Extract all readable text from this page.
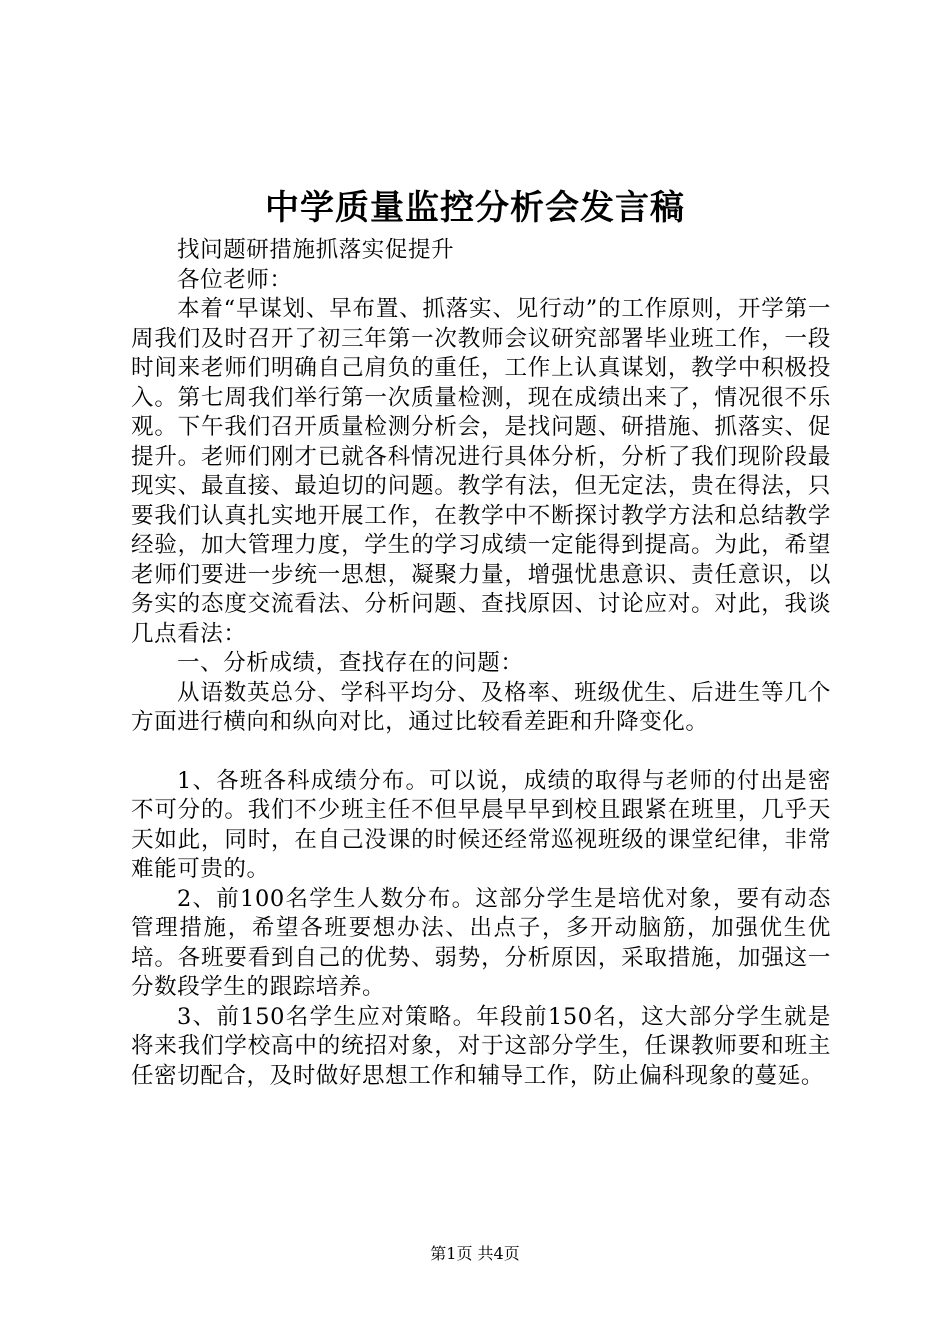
中学质量监控分析会发言稿

找问题研措施抓落实促提升

各位老师：

本着“早谋划、早布置、抓落实、见行动”的工作原则，开学第一周我们及时召开了初三年第一次教师会议研究部署毕业班工作，一段时间来老师们明确自己肩负的重任，工作上认真谋划，教学中积极投入。第七周我们举行第一次质量检测，现在成绩出来了，情况很不乐观。下午我们召开质量检测分析会，是找问题、研措施、抓落实、促提升。老师们刚才已就各科情况进行具体分析，分析了我们现阶段最现实、最直接、最迫切的问题。教学有法，但无定法，贵在得法，只要我们认真扎实地开展工作，在教学中不断探讨教学方法和总结教学经验，加大管理力度，学生的学习成绩一定能得到提高。为此，希望老师们要进一步统一思想，凝聚力量，增强忧患意识、责任意识，以务实的态度交流看法、分析问题、查找原因、讨论应对。对此，我谈几点看法：

一、分析成绩，查找存在的问题：

从语数英总分、学科平均分、及格率、班级优生、后进生等几个方面进行横向和纵向对比，通过比较看差距和升降变化。

1、各班各科成绩分布。可以说，成绩的取得与老师的付出是密不可分的。我们不少班主任不但早晨早早到校且跟紧在班里，几乎天天如此，同时，在自己没课的时候还经常巡视班级的课堂纪律，非常难能可贵的。

2、前100名学生人数分布。这部分学生是培优对象，要有动态管理措施，希望各班要想办法、出点子，多开动脑筋，加强优生优培。各班要看到自己的优势、弱势，分析原因，采取措施，加强这一分数段学生的跟踪培养。

3、前150名学生应对策略。年段前150名，这大部分学生就是将来我们学校高中的统招对象，对于这部分学生，任课教师要和班主任密切配合，及时做好思想工作和辅导工作，防止偏科现象的蔓延。

第1页 共4页
